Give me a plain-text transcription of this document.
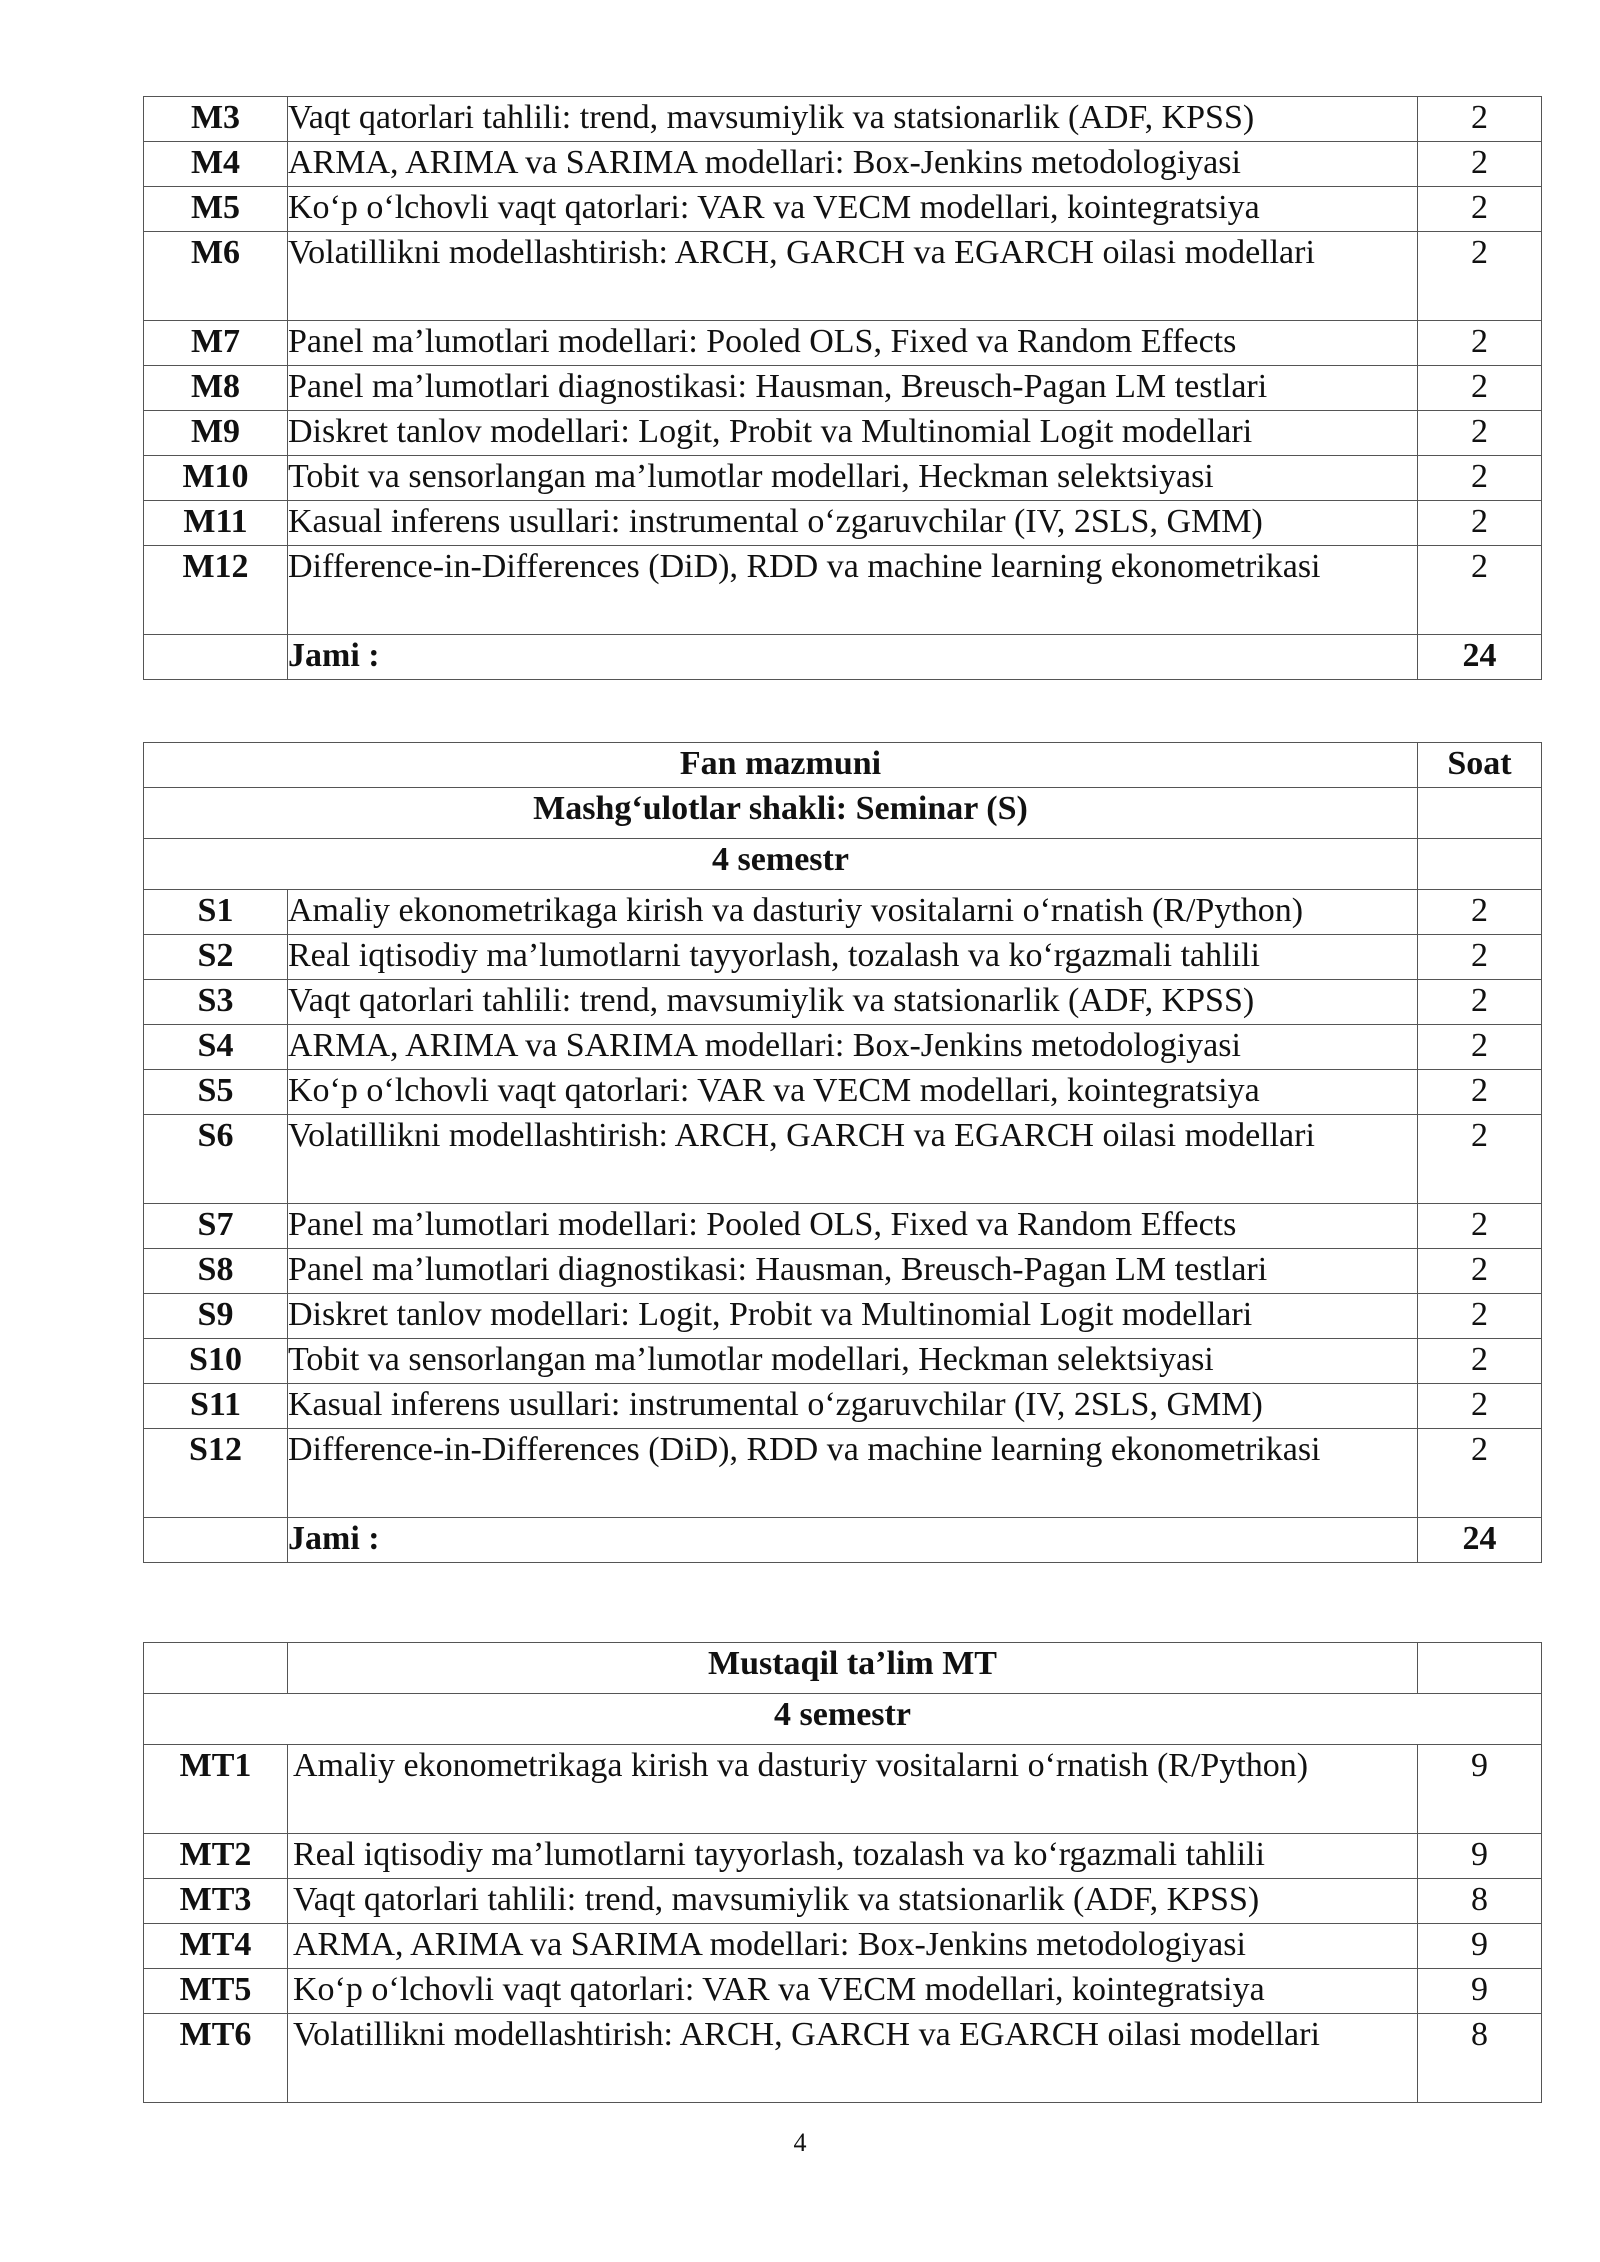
M3	Vaqt qatorlari tahlili: trend, mavsumiylik va statsionarlik (ADF, KPSS)	2
M4	ARMA, ARIMA va SARIMA modellari: Box-Jenkins metodologiyasi	2
M5	Koʻp oʻlchovli vaqt qatorlari: VAR va VECM modellari, kointegratsiya	2
M6	Volatillikni modellashtirish: ARCH, GARCH va EGARCH oilasi modellari	2
M7	Panel ma’lumotlari modellari: Pooled OLS, Fixed va Random Effects	2
M8	Panel ma’lumotlari diagnostikasi: Hausman, Breusch-Pagan LM testlari	2
M9	Diskret tanlov modellari: Logit, Probit va Multinomial Logit modellari	2
M10	Tobit va sensorlangan ma’lumotlar modellari, Heckman selektsiyasi	2
M11	Kasual inferens usullari: instrumental oʻzgaruvchilar (IV, 2SLS, GMM)	2
M12	Difference-in-Differences (DiD), RDD va machine learning ekonometrikasi	2
	Jami :	24
Fan mazmuni		Soat
Mashgʻulotlar shakli: Seminar (S)		
4 semestr		
S1	Amaliy ekonometrikaga kirish va dasturiy vositalarni oʻrnatish (R/Python)	2
S2	Real iqtisodiy ma’lumotlarni tayyorlash, tozalash va koʻrgazmali tahlili	2
S3	Vaqt qatorlari tahlili: trend, mavsumiylik va statsionarlik (ADF, KPSS)	2
S4	ARMA, ARIMA va SARIMA modellari: Box-Jenkins metodologiyasi	2
S5	Koʻp oʻlchovli vaqt qatorlari: VAR va VECM modellari, kointegratsiya	2
S6	Volatillikni modellashtirish: ARCH, GARCH va EGARCH oilasi modellari	2
S7	Panel ma’lumotlari modellari: Pooled OLS, Fixed va Random Effects	2
S8	Panel ma’lumotlari diagnostikasi: Hausman, Breusch-Pagan LM testlari	2
S9	Diskret tanlov modellari: Logit, Probit va Multinomial Logit modellari	2
S10	Tobit va sensorlangan ma’lumotlar modellari, Heckman selektsiyasi	2
S11	Kasual inferens usullari: instrumental oʻzgaruvchilar (IV, 2SLS, GMM)	2
S12	Difference-in-Differences (DiD), RDD va machine learning ekonometrikasi	2
	Jami :	24
	Mustaqil ta’lim MT	
4 semestr		
MT1	Amaliy ekonometrikaga kirish va dasturiy vositalarni oʻrnatish (R/Python)	9
MT2	Real iqtisodiy ma’lumotlarni tayyorlash, tozalash va koʻrgazmali tahlili	9
MT3	Vaqt qatorlari tahlili: trend, mavsumiylik va statsionarlik (ADF, KPSS)	8
MT4	ARMA, ARIMA va SARIMA modellari: Box-Jenkins metodologiyasi	9
MT5	Koʻp oʻlchovli vaqt qatorlari: VAR va VECM modellari, kointegratsiya	9
MT6	Volatillikni modellashtirish: ARCH, GARCH va EGARCH oilasi modellari	8
4
